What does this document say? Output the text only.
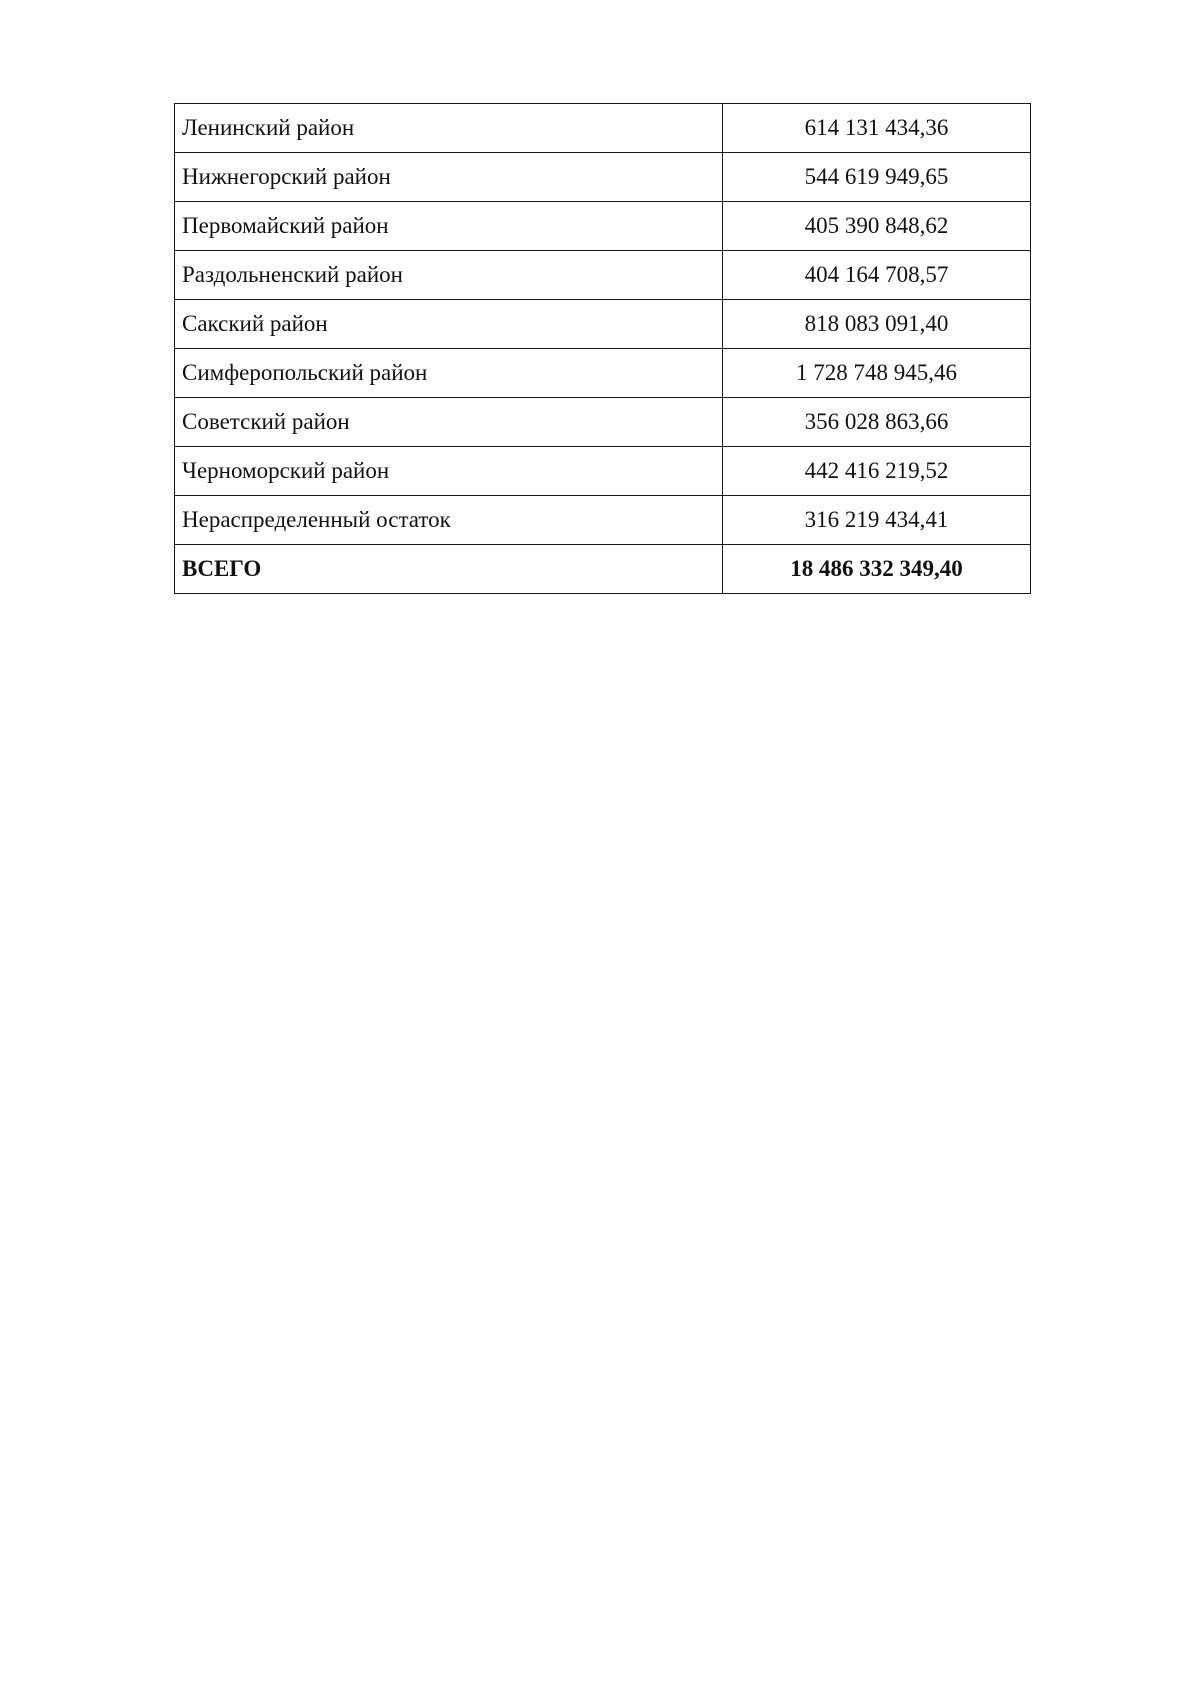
Ленинский район	614 131 434,36
Нижнегорский район	544 619 949,65
Первомайский район	405 390 848,62
Раздольненский район	404 164 708,57
Сакский район	818 083 091,40
Симферопольский район	1 728 748 945,46
Советский район	356 028 863,66
Черноморский район	442 416 219,52
Нераспределенный остаток	316 219 434,41
ВСЕГО	18 486 332 349,40
